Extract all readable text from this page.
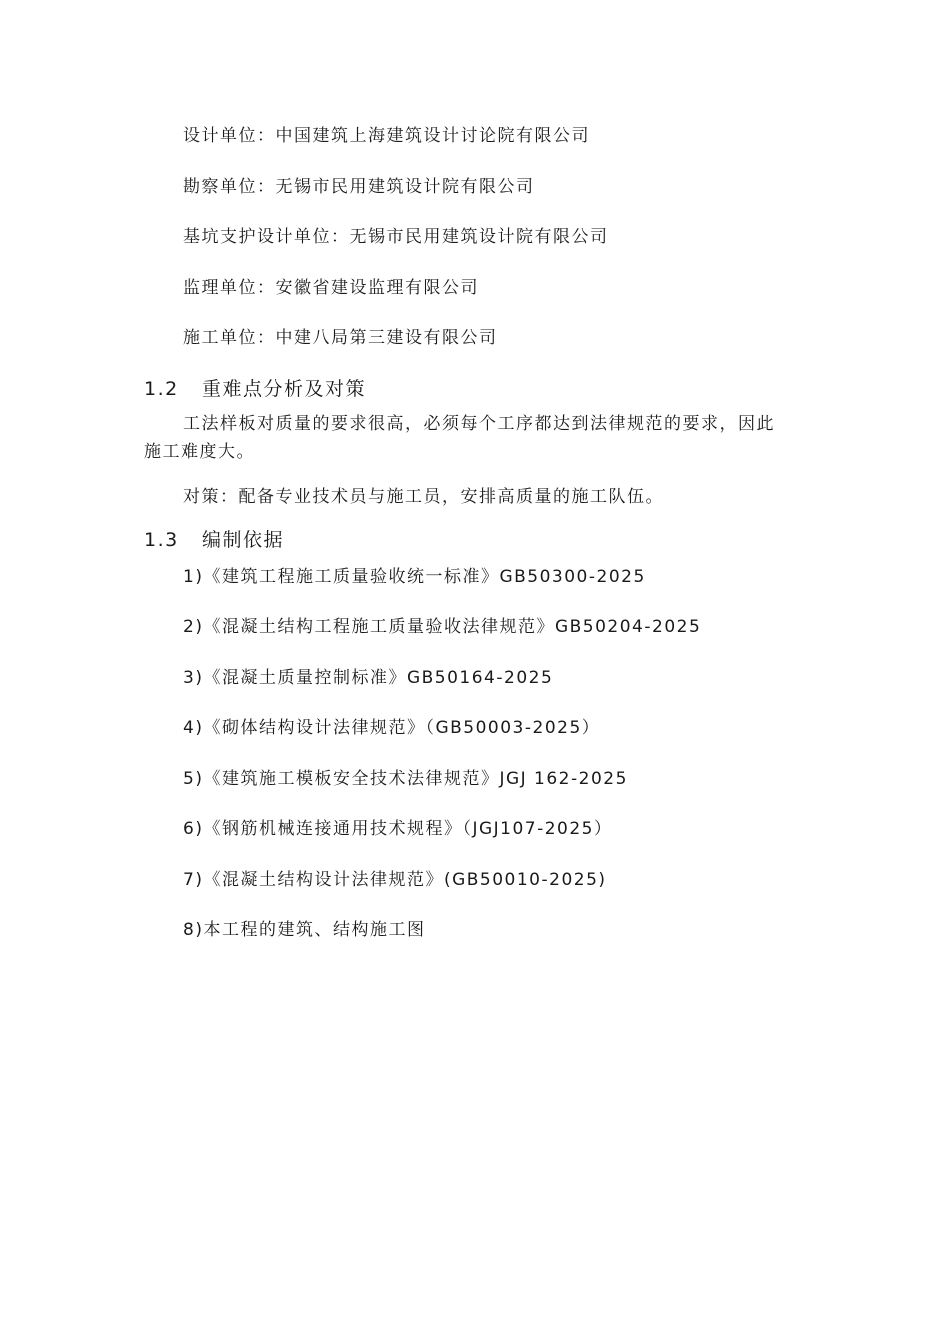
设计单位：中国建筑上海建筑设计讨论院有限公司
勘察单位：无锡市民用建筑设计院有限公司
基坑支护设计单位：无锡市民用建筑设计院有限公司
监理单位：安徽省建设监理有限公司
施工单位：中建八局第三建设有限公司
1.2 重难点分析及对策
工法样板对质量的要求很高，必须每个工序都达到法律规范的要求，因此
施工难度大。
对策：配备专业技术员与施工员，安排高质量的施工队伍。
1.3 编制依据
1)《建筑工程施工质量验收统一标准》GB50300-2025
2)《混凝土结构工程施工质量验收法律规范》GB50204-2025
3)《混凝土质量控制标准》GB50164-2025
4)《砌体结构设计法律规范》（GB50003-2025）
5)《建筑施工模板安全技术法律规范》JGJ 162-2025
6)《钢筋机械连接通用技术规程》（JGJ107-2025）
7)《混凝土结构设计法律规范》(GB50010-2025)
8)本工程的建筑、结构施工图
